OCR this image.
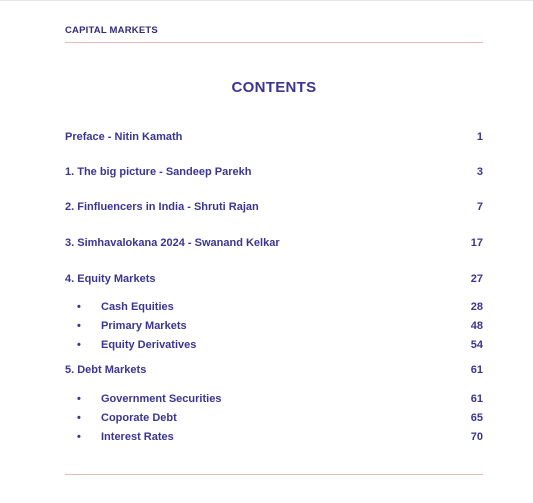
CAPITAL MARKETS
CONTENTS
Preface - Nitin Kamath	1
1. The big picture - Sandeep Parekh	3
2. Finfluencers in India - Shruti Rajan	7
3. Simhavalokana 2024 - Swanand Kelkar	17
4. Equity Markets	27
• Cash Equities	28
• Primary Markets	48
• Equity Derivatives	54
5. Debt Markets	61
• Government Securities	61
• Coporate Debt	65
• Interest Rates	70
